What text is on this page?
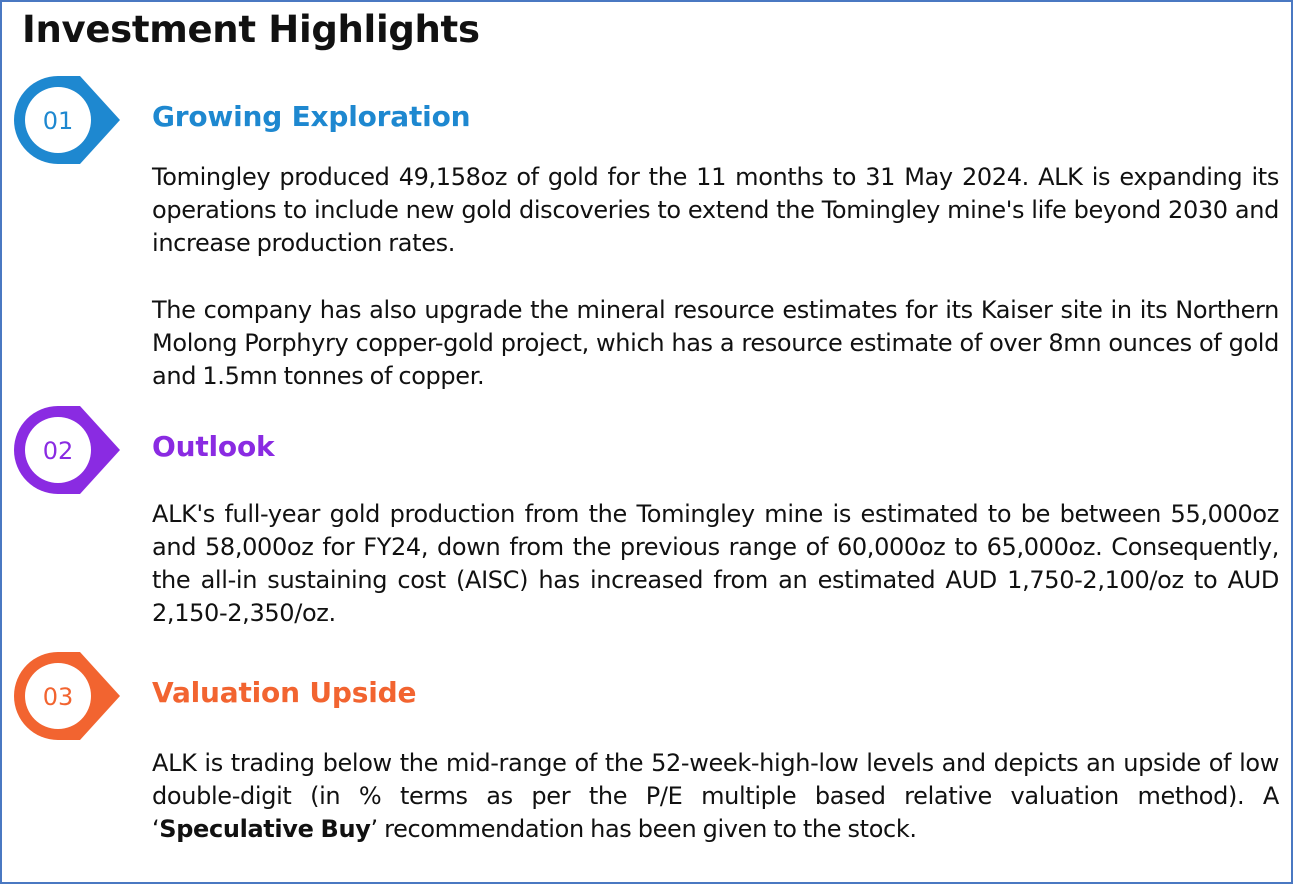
Investment Highlights
01	Growing Exploration

Tomingley produced 49,158oz of gold for the 11 months to 31 May 2024. ALK is expanding its operations to include new gold discoveries to extend the Tomingley mine's life beyond 2030 and increase production rates.

The company has also upgrade the mineral resource estimates for its Kaiser site in its Northern Molong Porphyry copper-gold project, which has a resource estimate of over 8mn ounces of gold and 1.5mn tonnes of copper.

02	Outlook

ALK's full-year gold production from the Tomingley mine is estimated to be between 55,000oz and 58,000oz for FY24, down from the previous range of 60,000oz to 65,000oz. Consequently, the all-in sustaining cost (AISC) has increased from an estimated AUD 1,750-2,100/oz to AUD 2,150-2,350/oz.

03	Valuation Upside

ALK is trading below the mid-range of the 52-week-high-low levels and depicts an upside of low double-digit (in % terms as per the P/E multiple based relative valuation method). A ‘Speculative Buy’ recommendation has been given to the stock.
